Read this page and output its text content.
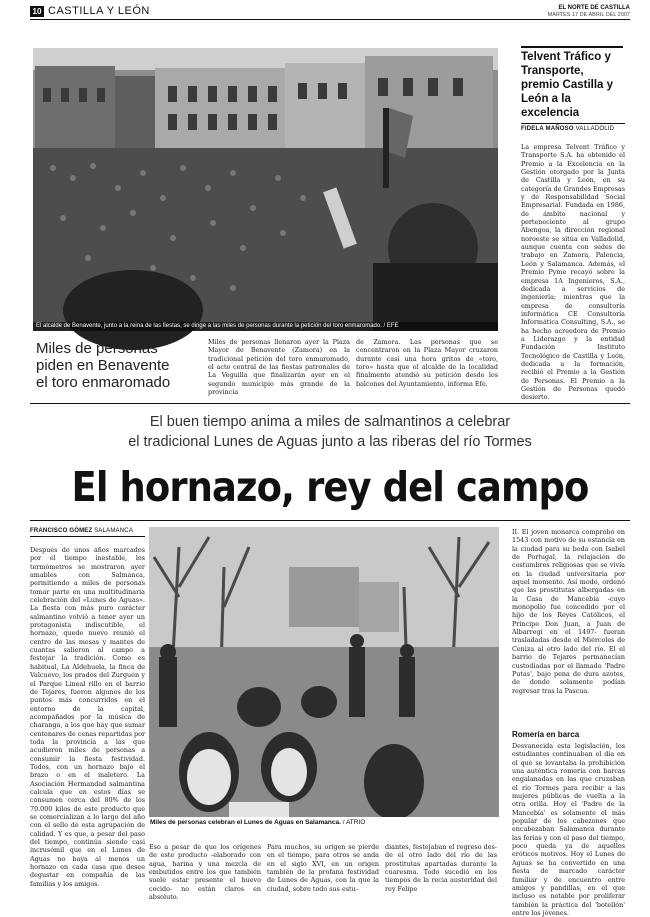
10 CASTILLA Y LEÓN	EL NORTE DE CASTILLA
MARTES 17 DE ABRIL DEL 2007
El alcalde de Benavente, junto a la reina de las fiestas, se dirige a las miles de personas durante la petición del toro enmaromado. / EFE
Miles de personas
piden en Benavente
el toro enmaromado
Miles de personas llenaron ayer la Plaza Mayor de Benavente (Zamora) en la tradicional petición del toro enmaromado, el acto central de las fiestas patronales de La Veguilla que finalizarán ayer en el segundo municipio más grande de la provincia
de Zamora. Las personas que se concentraron en la Plaza Mayor cruzaron durante casi una hora gritos de «toro, toro» hasta que el alcalde de la localidad finalmente atendió su petición desde los balcones del Ayuntamiento, informa Efe.
Telvent Tráfico y Transporte, premio Castilla y León a la excelencia
FIDELA MAÑOSO VALLADOLID
La empresa Telvent Tráfico y Transporte S.A. ha obtenido el Premio a la Excelencia en la Gestión otorgado por la Junta de Castilla y León, en su categoría de Grandes Empresas y de Responsabilidad Social Empresarial. Fundada en 1986, de ámbito nacional y perteneciente al grupo Abengoa, la dirección regional noroeste se sitúa en Valladolid, aunque cuenta con sedes de trabajo en Zamora, Palencia, León y Salamanca. Además, el Premio Pyme recayó sobre la empresa 1A Ingenieros, S.A., dedicada a servicios de ingeniería; mientras que la empresa de consultoría informática CE Consultoría Informática Consulting, S.A., se ha hecho acreedora de Premio a Liderazgo y la entidad Fundación Instituto Tecnológico de Castilla y León, dedicada a la formación, recibió el Premio a la Gestión de Personas. El Premio a la Gestión de Personas quedó desierto.
El buen tiempo anima a miles de salmantinos a celebrar
el tradicional Lunes de Aguas junto a las riberas del río Tormes
El hornazo, rey del campo
FRANCISCO GÓMEZ SALAMANCA
Después de unos años marcados por el tiempo inestable, los termómetros se mostraron ayer amables con Salmanca, permitiendo a miles de personas tomar parte en una multitudinaria celebración del «Lunes de Aguas». La fiesta con más puro carácter salmantino volvió a tener ayer un protagonista indiscutible, el hornazo, quede nuevo reunió el centro de las mesas y mantes de cuantas salieron al campo a festejar la tradición. Como es habitual, La Aldehuela, la finca de Valcuevo, los prados del Zurguén y el Parque Lineal rillo en el barrio de Tejares, fueron algunos de los puntos más concurridos en el entorno de la capital, acompañados por la música de charanga, a los que hay que sumar centenares de cenas repartidas por toda la provincia a las que acudieron miles de personas a consumir la fiesta festividad. Todos, con un hornazo bajo el brazo o en el maletero. La Asociación Hermandad salmantina calcula que en estos días se consumen cerca del 80% de los 70.000 kilos de este producto que se comercializan a lo largo del año con el sello de esta agrupación de calidad. Y es que, a pesar del paso del tiempo, continúa siendo casi incrusómil que en el Lunes de Aguas no haya al menos un hornazo en cada casa que desee degustar en compañía de las familias y los amigos.
Miles de personas celebran el Lunes de Aguas en Salamanca. / ATRIO
Eso a pesar de que los orígenes de este producto -elaborado con agua, harina y una mezcla de embutidos entre los que también suele estar presente el huevo cocido- no están claros en absoluto.
Para muchos, su origen se pierde en el tiempo, para otros se anda en el siglo XVI, en un origen también de la profana festividad de Lunes de Aguas, con la que la ciudad, sobre todo sus estu-
diantes, festejaban el regreso des- de el otro lado del río de las prostitutas apartadas durante la cuaresma. Todo sucedió en los tiempos de la recia austeridad del rey Felipe
II. El joven monarca comprobó en 1543 con motivo de su estancia en la ciudad para su boda con Isabel de Portugal, la relajación de costumbres religiosas que se vivía en la ciudad universitaria por aquel momento. Así modo, ordenó que las prostitutas albergadas en la Casa de Mancebía -cuyo monopolio fue concedido por el hijo de los Reyes Católicos, el Príncipe Don Juan, a Juan de Albarregi en el 1497- fueran trasladadas desde el Miércoles de Ceniza al otro lado del río. El el barrio de Tejares permanecían custodiadas por el llamado 'Padre Putas', bajo pena de dura azotes, de donde solamente podían regresar tras la Pascua.
Romería en barca
Desvanecida esta legislación, los estudiantes continuaban el día en el que se levantaba la prohibición una auténtica romería con barcas engalanadas en las que cruzaban el río Tormes para recibir a las mujeres públicas de vuelta a la otra orilla. Hoy el 'Padre de la Mancebía' es solamente el más popular de los cabezones que encabezaban Salamanca durante las ferias y con el paso del tiempo, poco queda ya de aquellos eróticos motivos. Hoy el Lunes de Aguas se ha convertido en una fiesta de marcado carácter familiar y de encuentro entre amigos y pandillas, en el que incluso es notable por proliferar también la práctica del 'botellón' entre los jóvenes.
